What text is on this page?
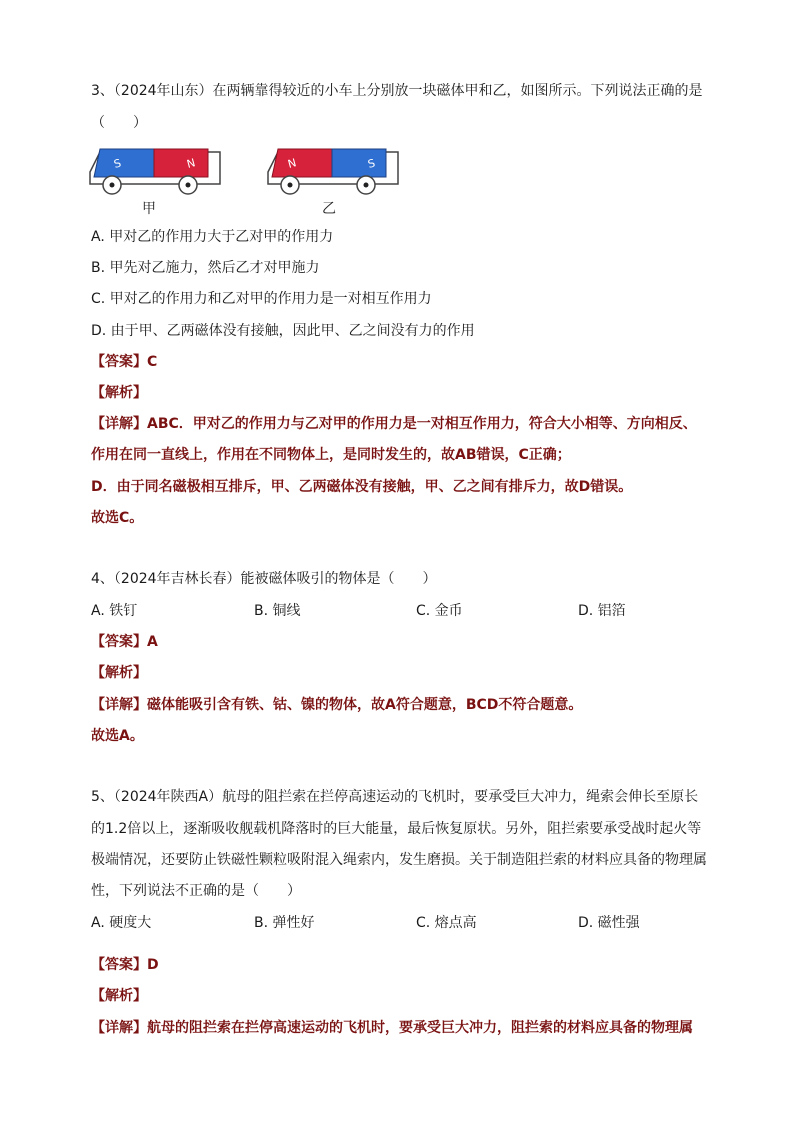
3、（2024年山东）在两辆靠得较近的小车上分别放一块磁体甲和乙，如图所示。下列说法正确的是
（　　）
S	N	N	S
甲	乙
A. 甲对乙的作用力大于乙对甲的作用力
B. 甲先对乙施力，然后乙才对甲施力
C. 甲对乙的作用力和乙对甲的作用力是一对相互作用力
D. 由于甲、乙两磁体没有接触，因此甲、乙之间没有力的作用
【答案】C
【解析】
【详解】ABC．甲对乙的作用力与乙对甲的作用力是一对相互作用力，符合大小相等、方向相反、
作用在同一直线上，作用在不同物体上，是同时发生的，故AB错误，C正确；
D．由于同名磁极相互排斥，甲、乙两磁体没有接触，甲、乙之间有排斥力，故D错误。
故选C。
4、（2024年吉林长春）能被磁体吸引的物体是（　　）
A. 铁钉	B. 铜线	C. 金币	D. 铝箔
【答案】A
【解析】
【详解】磁体能吸引含有铁、钴、镍的物体，故A符合题意，BCD不符合题意。
故选A。
5、（2024年陕西A）航母的阻拦索在拦停高速运动的飞机时，要承受巨大冲力，绳索会伸长至原长
的1.2倍以上，逐渐吸收舰载机降落时的巨大能量，最后恢复原状。另外，阻拦索要承受战时起火等
极端情况，还要防止铁磁性颗粒吸附混入绳索内，发生磨损。关于制造阻拦索的材料应具备的物理属
性，下列说法不正确的是（　　）
A. 硬度大	B. 弹性好	C. 熔点高	D. 磁性强
【答案】D
【解析】
【详解】航母的阻拦索在拦停高速运动的飞机时，要承受巨大冲力，阻拦索的材料应具备的物理属
